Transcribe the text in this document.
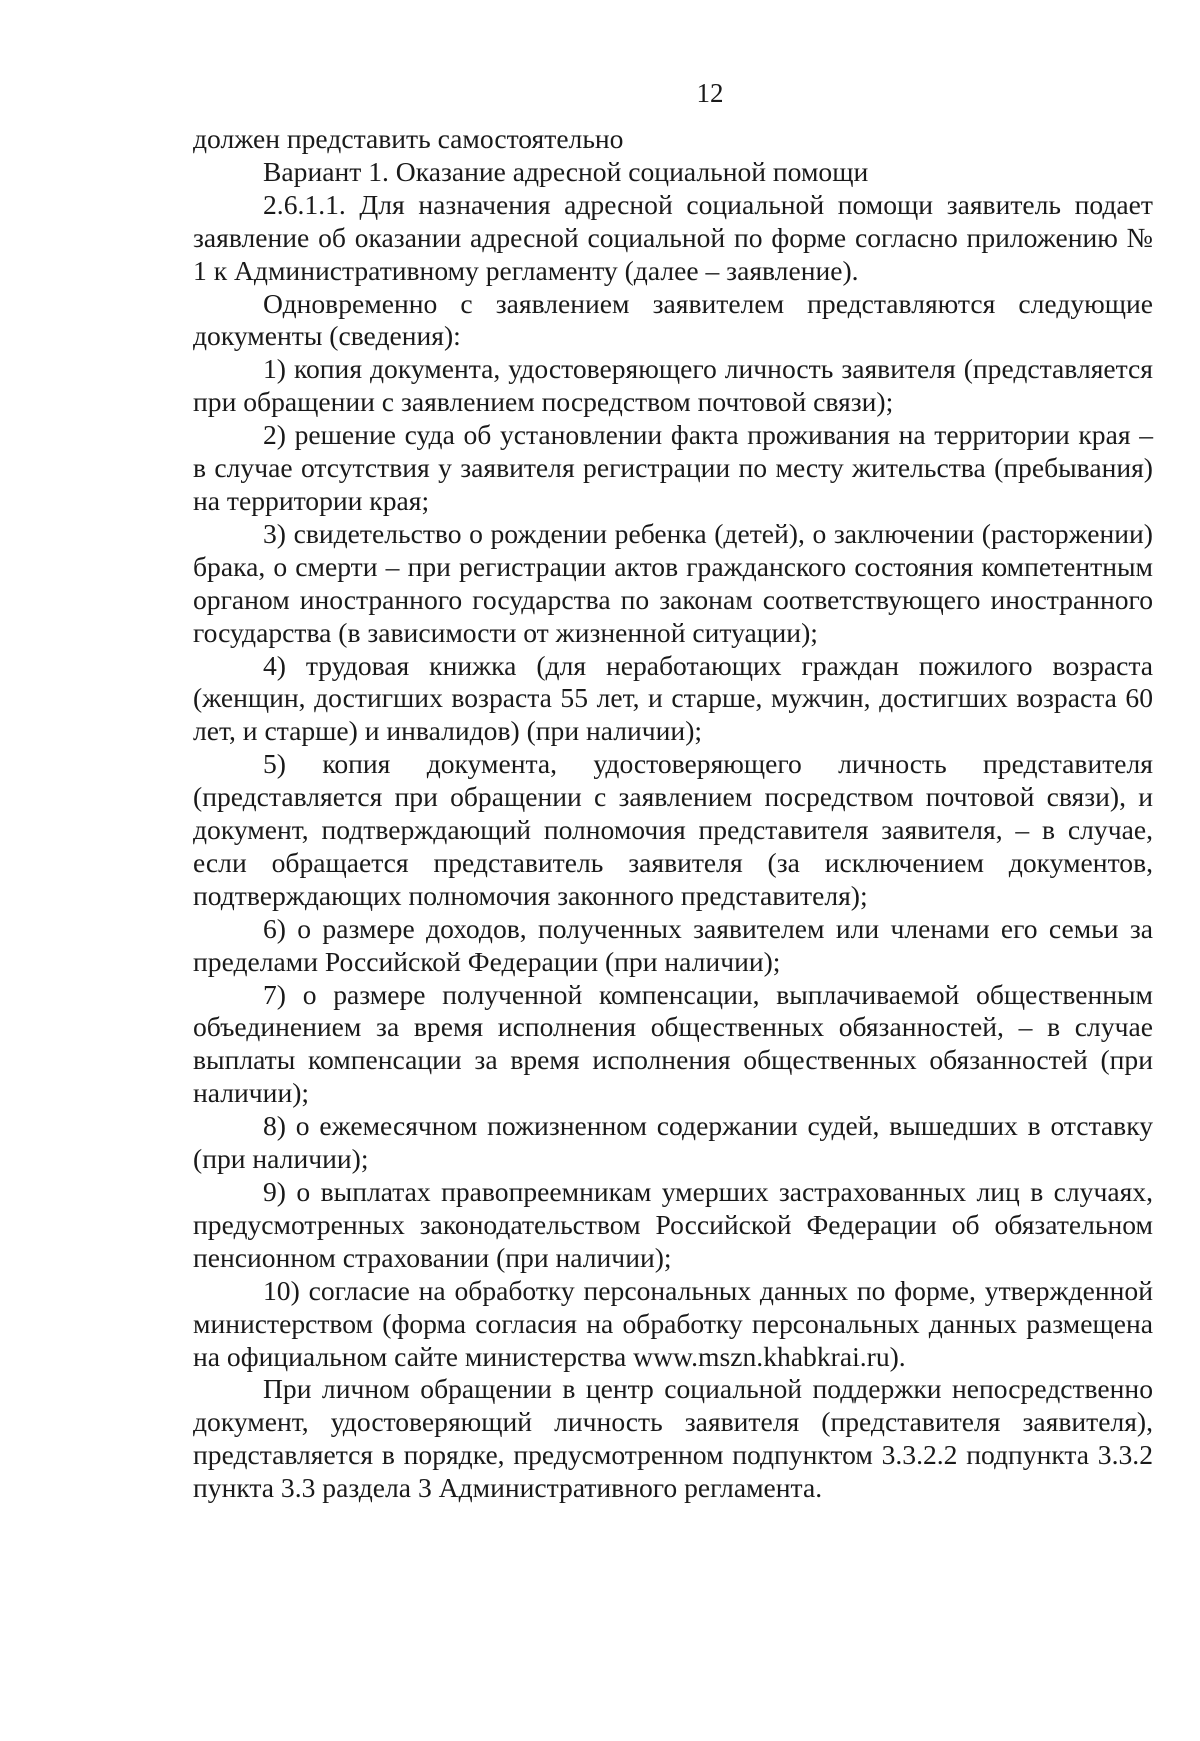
12

должен представить самостоятельно

Вариант 1. Оказание адресной социальной помощи

2.6.1.1. Для назначения адресной социальной помощи заявитель подает заявление об оказании адресной социальной по форме согласно приложению № 1 к Административному регламенту (далее – заявление).

Одновременно с заявлением заявителем представляются следующие документы (сведения):

1) копия документа, удостоверяющего личность заявителя (представляется при обращении с заявлением посредством почтовой связи);

2) решение суда об установлении факта проживания на территории края – в случае отсутствия у заявителя регистрации по месту жительства (пребывания) на территории края;

3) свидетельство о рождении ребенка (детей), о заключении (расторжении) брака, о смерти – при регистрации актов гражданского состояния компетентным органом иностранного государства по законам соответствующего иностранного государства (в зависимости от жизненной ситуации);

4) трудовая книжка (для неработающих граждан пожилого возраста (женщин, достигших возраста 55 лет, и старше, мужчин, достигших возраста 60 лет, и старше) и инвалидов) (при наличии);

5) копия документа, удостоверяющего личность представителя (представляется при обращении с заявлением посредством почтовой связи), и документ, подтверждающий полномочия представителя заявителя, – в случае, если обращается представитель заявителя (за исключением документов, подтверждающих полномочия законного представителя);

6) о размере доходов, полученных заявителем или членами его семьи за пределами Российской Федерации (при наличии);

7) о размере полученной компенсации, выплачиваемой общественным объединением за время исполнения общественных обязанностей, – в случае выплаты компенсации за время исполнения общественных обязанностей (при наличии);

8) о ежемесячном пожизненном содержании судей, вышедших в отставку (при наличии);

9) о выплатах правопреемникам умерших застрахованных лиц в случаях, предусмотренных законодательством Российской Федерации об обязательном пенсионном страховании (при наличии);

10) согласие на обработку персональных данных по форме, утвержденной министерством (форма согласия на обработку персональных данных размещена на официальном сайте министерства www.mszn.khabkrai.ru).

При личном обращении в центр социальной поддержки непосредственно документ, удостоверяющий личность заявителя (представителя заявителя), представляется в порядке, предусмотренном подпунктом 3.3.2.2 подпункта 3.3.2 пункта 3.3 раздела 3 Административного регламента.
